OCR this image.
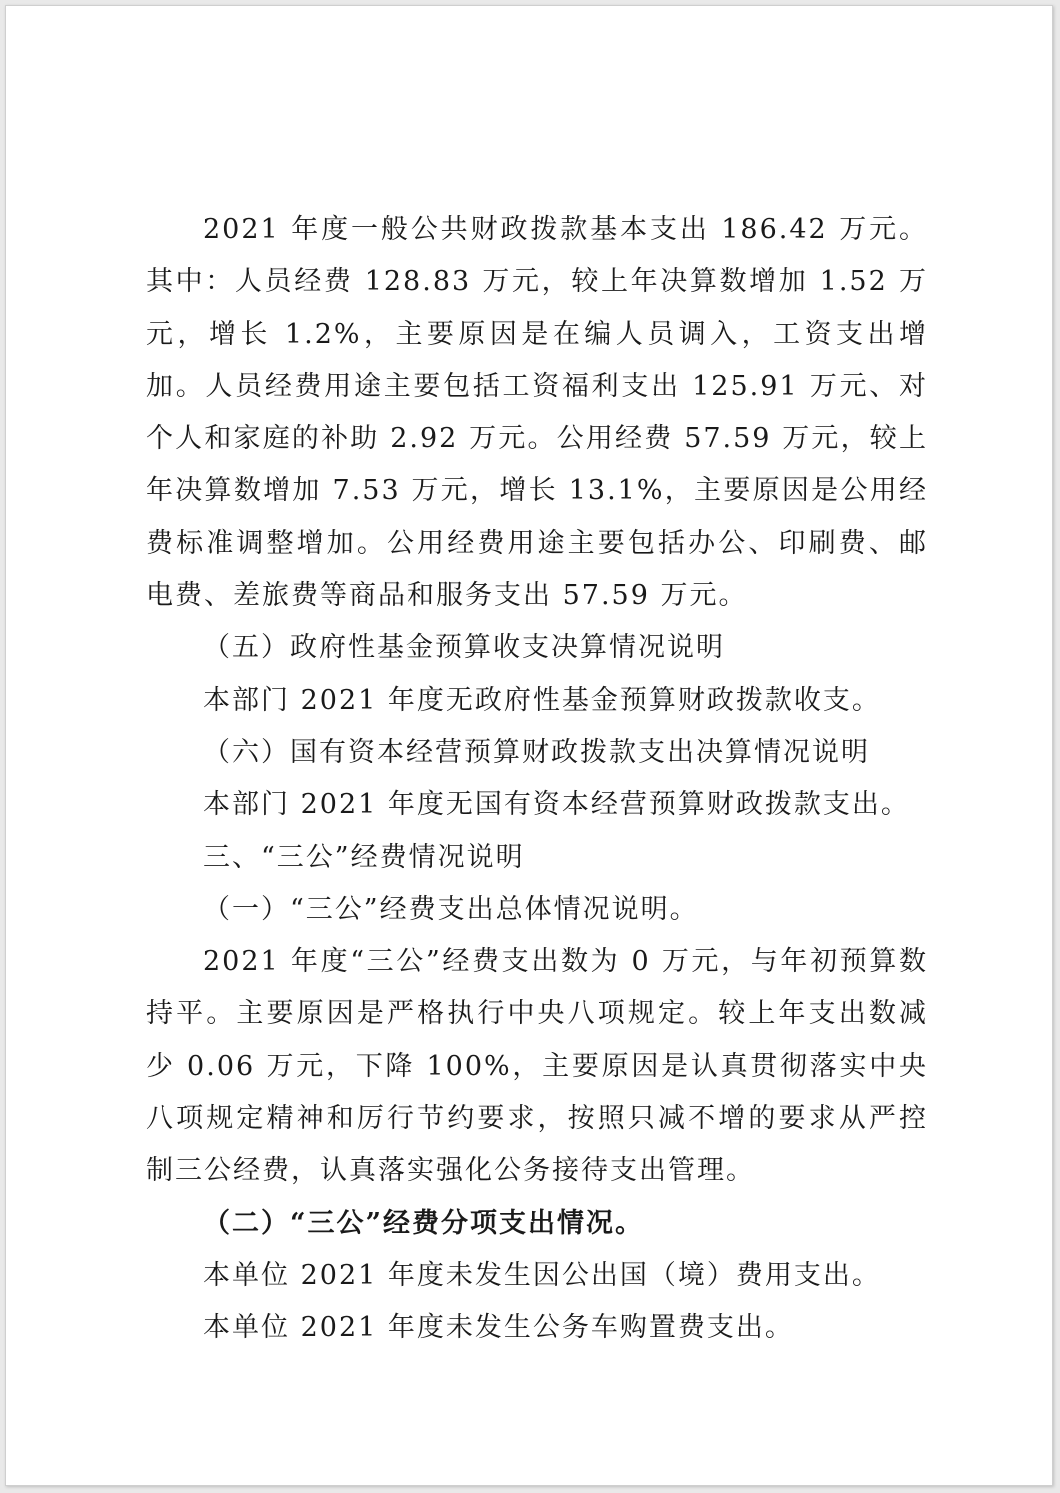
2021 年度一般公共财政拨款基本支出 186.42 万元。其中：人员经费 128.83 万元，较上年决算数增加 1.52 万元，增长 1.2%，主要原因是在编人员调入，工资支出增加。人员经费用途主要包括工资福利支出 125.91 万元、对个人和家庭的补助 2.92 万元。公用经费 57.59 万元，较上年决算数增加 7.53 万元，增长 13.1%，主要原因是公用经费标准调整增加。公用经费用途主要包括办公、印刷费、邮电费、差旅费等商品和服务支出 57.59 万元。

（五）政府性基金预算收支决算情况说明

本部门 2021 年度无政府性基金预算财政拨款收支。

（六）国有资本经营预算财政拨款支出决算情况说明

本部门 2021 年度无国有资本经营预算财政拨款支出。

三、“三公”经费情况说明

（一）“三公”经费支出总体情况说明。

2021 年度“三公”经费支出数为 0 万元，与年初预算数持平。主要原因是严格执行中央八项规定。较上年支出数减少 0.06 万元，下降 100%，主要原因是认真贯彻落实中央八项规定精神和厉行节约要求，按照只减不增的要求从严控制三公经费，认真落实强化公务接待支出管理。

（二）“三公”经费分项支出情况。

本单位 2021 年度未发生因公出国（境）费用支出。

本单位 2021 年度未发生公务车购置费支出。
